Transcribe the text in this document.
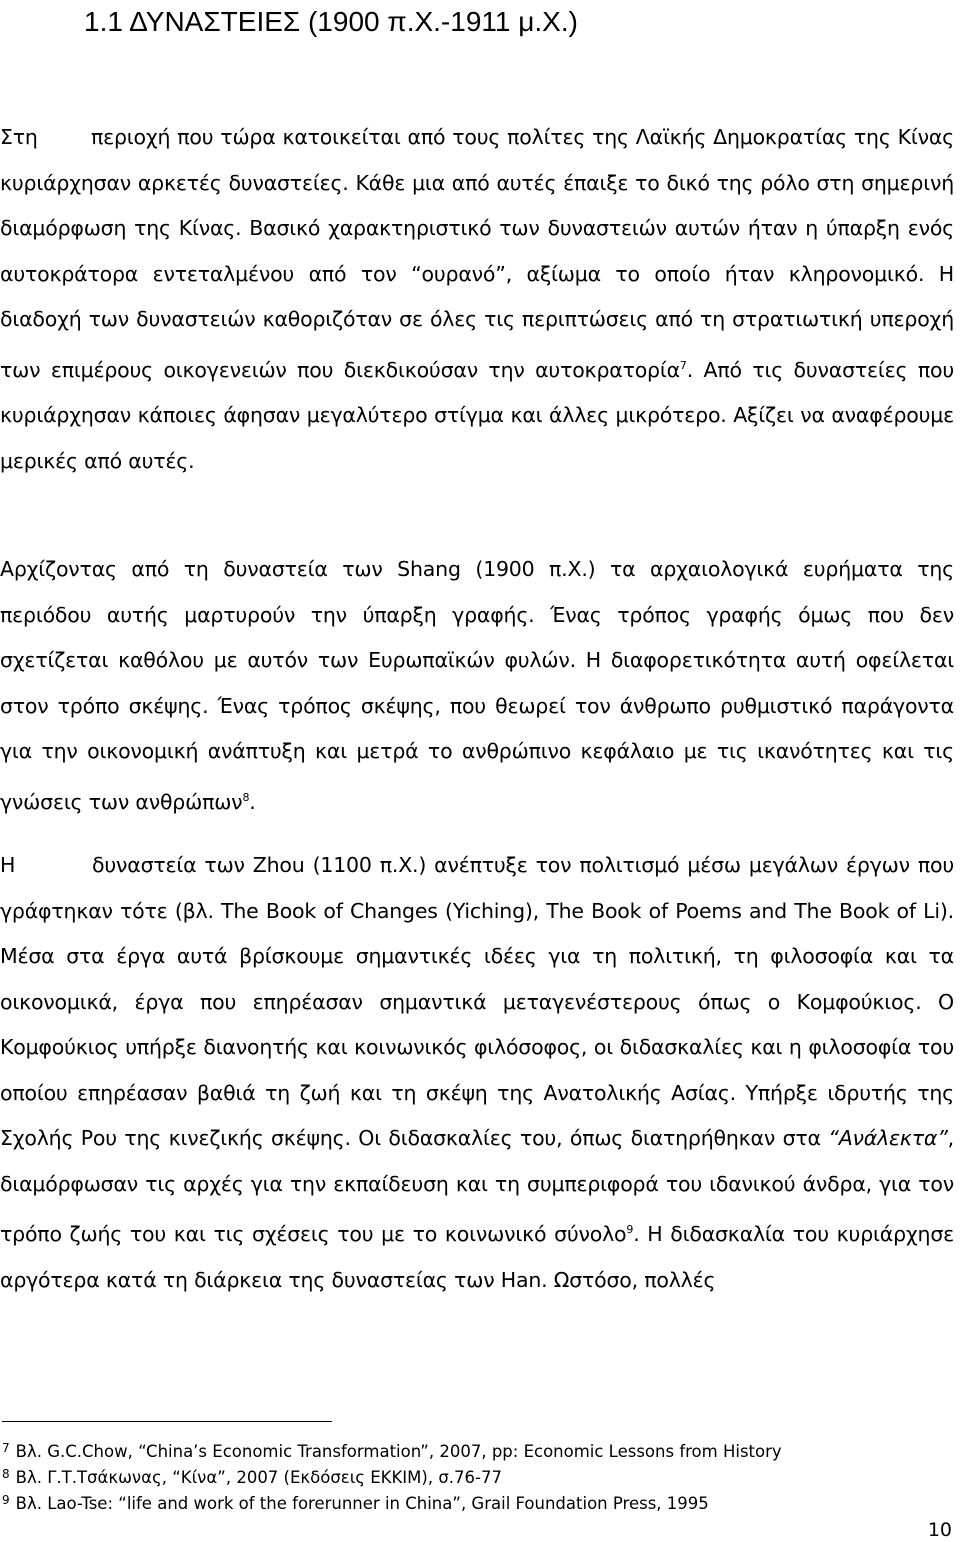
1.1 ΔΥΝΑΣΤΕΙΕΣ (1900 π.Χ.-1911 μ.Χ.)

Στη	περιοχή που τώρα κατοικείται από τους πολίτες της Λαϊκής Δημοκρατίας της Κίνας κυριάρχησαν αρκετές δυναστείες. Κάθε μια από αυτές έπαιξε το δικό της ρόλο στη σημερινή διαμόρφωση της Κίνας. Βασικό χαρακτηριστικό των δυναστειών αυτών ήταν η ύπαρξη ενός αυτοκράτορα εντεταλμένου από τον “ουρανό”, αξίωμα το οποίο ήταν κληρονομικό. Η διαδοχή των δυναστειών καθοριζόταν σε όλες τις περιπτώσεις από τη στρατιωτική υπεροχή των επιμέρους οικογενειών που διεκδικούσαν την αυτοκρατορία$^7$. Από τις δυναστείες που κυριάρχησαν κάποιες άφησαν μεγαλύτερο στίγμα και άλλες μικρότερο. Αξίζει να αναφέρουμε μερικές από αυτές.

Αρχίζοντας από τη δυναστεία των Shang (1900 π.Χ.) τα αρχαιολογικά ευρήματα της περιόδου αυτής μαρτυρούν την ύπαρξη γραφής. Ένας τρόπος γραφής όμως που δεν σχετίζεται καθόλου με αυτόν των Ευρωπαϊκών φυλών. Η διαφορετικότητα αυτή οφείλεται στον τρόπο σκέψης. Ένας τρόπος σκέψης, που θεωρεί τον άνθρωπο ρυθμιστικό παράγοντα για την οικονομική ανάπτυξη και μετρά το ανθρώπινο κεφάλαιο με τις ικανότητες και τις γνώσεις των ανθρώπων$^8$.

Η	δυναστεία των Zhou (1100 π.Χ.) ανέπτυξε τον πολιτισμό μέσω μεγάλων έργων που γράφτηκαν τότε (βλ. The Book of Changes (Yiching), The Book of Poems and The Book of Li). Μέσα στα έργα αυτά βρίσκουμε σημαντικές ιδέες για τη πολιτική, τη φιλοσοφία και τα οικονομικά, έργα που επηρέασαν σημαντικά μεταγενέστερους όπως ο Κομφούκιος. Ο Κομφούκιος υπήρξε διανοητής και κοινωνικός φιλόσοφος, οι διδασκαλίες και η φιλοσοφία του οποίου επηρέασαν βαθιά τη ζωή και τη σκέψη της Ανατολικής Ασίας. Υπήρξε ιδρυτής της Σχολής Ρου της κινεζικής σκέψης. Οι διδασκαλίες του, όπως διατηρήθηκαν στα “ Ανάλεκτα ” , διαμόρφωσαν τις αρχές για την εκπαίδευση και τη συμπεριφορά του ιδανικού άνδρα, για τον τρόπο ζωής του και τις σχέσεις του με το κοινωνικό σύνολο$^9$. Η διδασκαλία του κυριάρχησε αργότερα κατά τη διάρκεια της δυναστείας των Han. Ωστόσο, πολλές

$^7$ Βλ. G.C.Chow, “ China’s Economic Transformation ” , 2007, pp: Economic Lessons from History

$^8$ Βλ. Γ.Τ.Τσάκωνας, “ Κίνα ” , 2007 (Εκδόσεις ΕΚΚΙΜ), σ.76-77

$^9$ Βλ. Lao-Tse: “ life and work of the forerunner in China ” , Grail Foundation Press, 1995

10
